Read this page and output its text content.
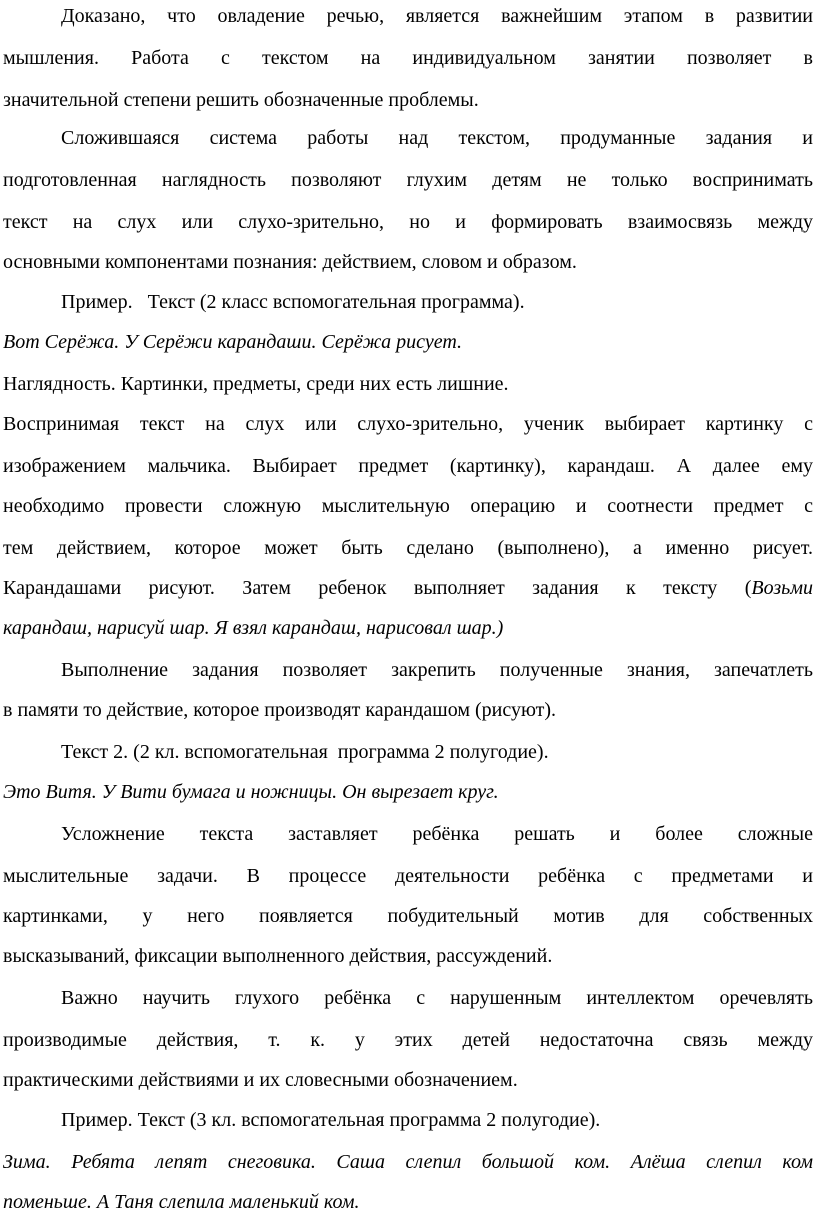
Доказано, что овладение речью, является важнейшим этапом в развитии
мышления. Работа с текстом на индивидуальном занятии позволяет в
значительной степени решить обозначенные проблемы.
Сложившаяся система работы над текстом, продуманные задания и
подготовленная наглядность позволяют глухим детям не только воспринимать
текст на слух или слухо-зрительно, но и формировать взаимосвязь между
основными компонентами познания: действием, словом и образом.
Пример.   Текст (2 класс вспомогательная программа).
Вот Серёжа. У Серёжи карандаши. Серёжа рисует.
Наглядность. Картинки, предметы, среди них есть лишние.
Воспринимая текст на слух или слухо-зрительно, ученик выбирает картинку с
изображением мальчика. Выбирает предмет (картинку), карандаш. А далее ему
необходимо провести сложную мыслительную операцию и соотнести предмет с
тем действием, которое может быть сделано (выполнено), а именно рисует.
Карандашами рисуют. Затем ребенок выполняет задания к тексту (Возьми
карандаш, нарисуй шар. Я взял карандаш, нарисовал шар.)
Выполнение задания позволяет закрепить полученные знания, запечатлеть
в памяти то действие, которое производят карандашом (рисуют).
Текст 2. (2 кл. вспомогательная  программа 2 полугодие).
Это Витя. У Вити бумага и ножницы. Он вырезает круг.
Усложнение текста заставляет ребёнка решать и более сложные
мыслительные задачи. В процессе деятельности ребёнка с предметами и
картинками, у него появляется побудительный мотив для собственных
высказываний, фиксации выполненного действия, рассуждений.
Важно научить глухого ребёнка с нарушенным интеллектом оречевлять
производимые действия, т. к. у этих детей недостаточна связь между
практическими действиями и их словесными обозначением.
Пример. Текст (3 кл. вспомогательная программа 2 полугодие).
Зима. Ребята лепят снеговика. Саша слепил большой ком. Алёша слепил ком
поменьше. А Таня слепила маленький ком.
